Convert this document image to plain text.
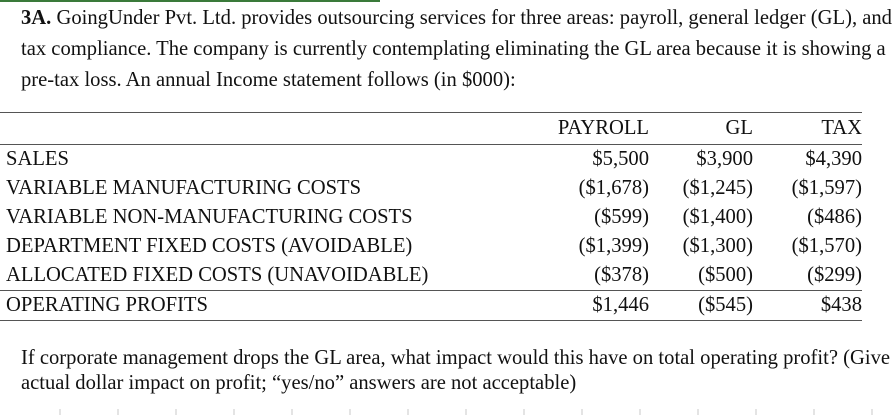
3A. GoingUnder Pvt. Ltd. provides outsourcing services for three areas: payroll, general ledger (GL), and tax compliance. The company is currently contemplating eliminating the GL area because it is showing a pre-tax loss. An annual Income statement follows (in $000):

	PAYROLL	GL	TAX
SALES	$5,500	$3,900	$4,390
VARIABLE MANUFACTURING COSTS	($1,678)	($1,245)	($1,597)
VARIABLE NON-MANUFACTURING COSTS	($599)	($1,400)	($486)
DEPARTMENT FIXED COSTS (AVOIDABLE)	($1,399)	($1,300)	($1,570)
ALLOCATED FIXED COSTS (UNAVOIDABLE)	($378)	($500)	($299)
OPERATING PROFITS	$1,446	($545)	$438

If corporate management drops the GL area, what impact would this have on total operating profit? (Give actual dollar impact on profit; “yes/no” answers are not acceptable)
